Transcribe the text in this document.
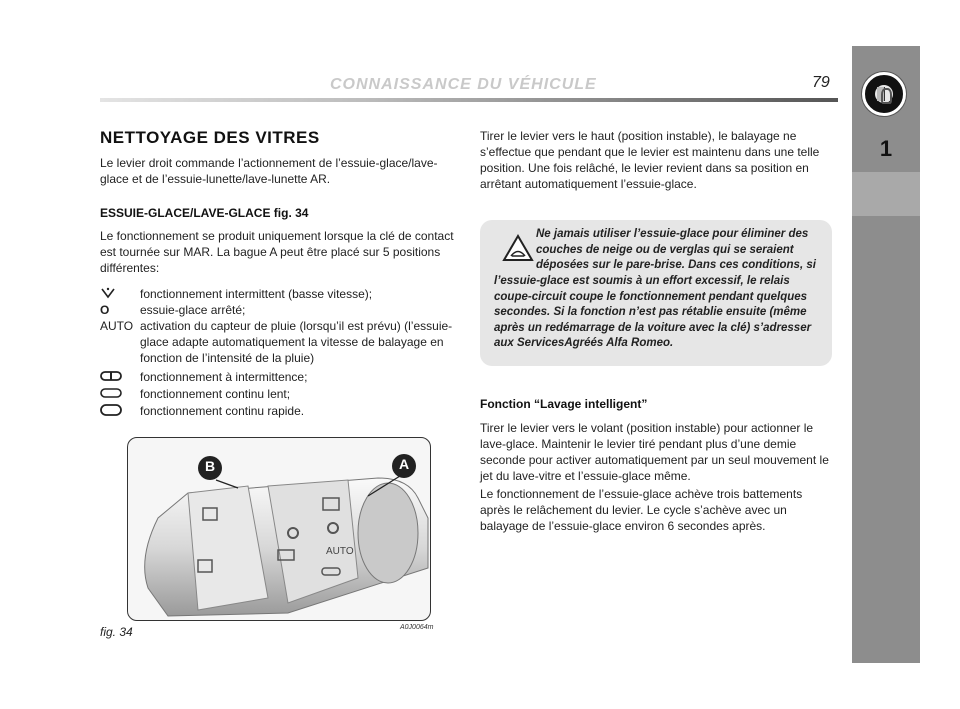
CONNAISSANCE DU VÉHICULE	79
1
NETTOYAGE DES VITRES
Le levier droit commande l’actionnement de l’essuie-glace/lave-glace et de l’essuie-lunette/lave-lunette AR.
ESSUIE-GLACE/LAVE-GLACE fig. 34
Le fonctionnement se produit uniquement lorsque la clé de contact est tournée sur MAR. La bague A peut être placé sur 5 positions différentes:
fonctionnement intermittent (basse vitesse);
O	essuie-glace arrêté;
AUTO activation du capteur de pluie (lorsqu’il est prévu) (l’essuie-glace adapte automatiquement la vitesse de balayage en fonction de l’intensité de la pluie)
fonctionnement à intermittence;
fonctionnement continu lent;
fonctionnement continu rapide.
B	A
AUTO
fig. 34	A0J0064m
Tirer le levier vers le haut (position instable), le balayage ne s’effectue que pendant que le levier est maintenu dans une telle position. Une fois relâché, le levier revient dans sa position en arrêtant automatiquement l’essuie-glace.
Ne jamais utiliser l’essuie-glace pour éliminer des couches de neige ou de verglas qui se seraient déposées sur le pare-brise. Dans ces conditions, si
l’essuie-glace est soumis à un effort excessif, le relais coupe-circuit coupe le fonctionnement pendant quelques secondes. Si la fonction n’est pas rétablie ensuite (même après un redémarrage de la voiture avec la clé) s’adresser aux ServicesAgréés Alfa Romeo.
Fonction “Lavage intelligent”
Tirer le levier vers le volant (position instable) pour actionner le lave-glace. Maintenir le levier tiré pendant plus d’une demie seconde pour activer automatiquement par un seul mouvement le jet du lave-vitre et l’essuie-glace même.
Le fonctionnement de l’essuie-glace achève trois battements après le relâchement du levier. Le cycle s’achève avec un balayage de l’essuie-glace environ 6 secondes après.
